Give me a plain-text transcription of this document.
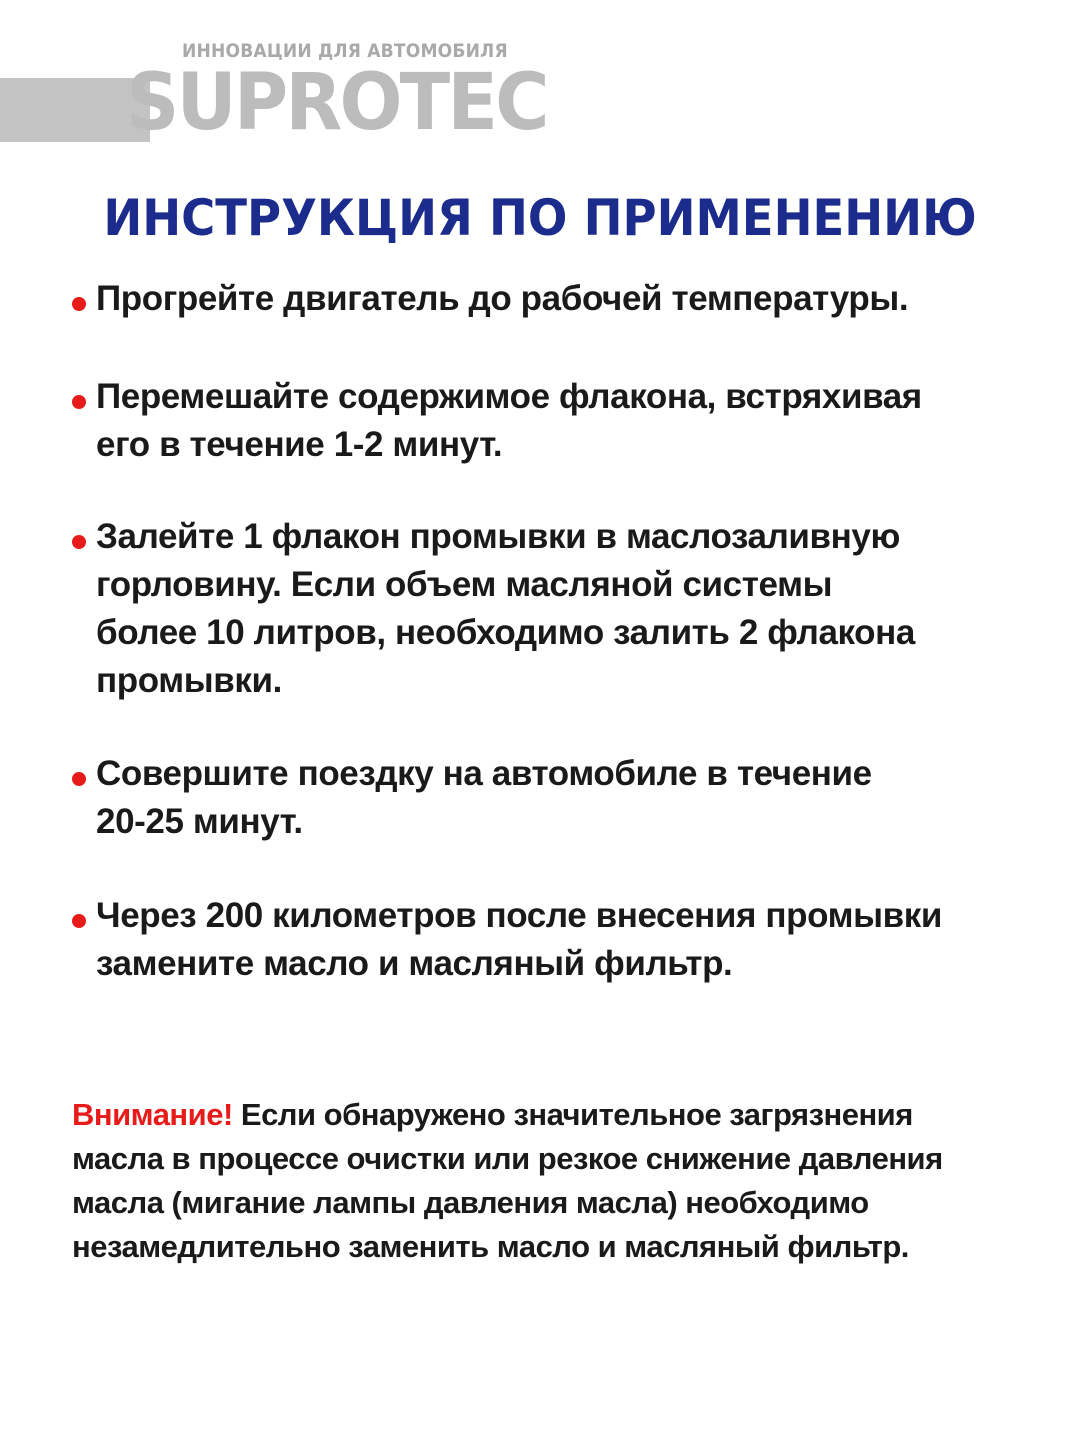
ИННОВАЦИИ ДЛЯ АВТОМОБИЛЯ
SUPROTEC
ИНСТРУКЦИЯ ПО ПРИМЕНЕНИЮ
Прогрейте двигатель до рабочей температуры.
Перемешайте содержимое флакона, встряхивая
его в течение 1-2 минут.
Залейте 1 флакон промывки в маслозаливную
горловину. Если объем масляной системы
более 10 литров, необходимо залить 2 флакона
промывки.
Совершите поездку на автомобиле в течение
20-25 минут.
Через 200 километров после внесения промывки
замените масло и масляный фильтр.

Внимание! Если обнаружено значительное загрязнения
масла в процессе очистки или резкое снижение давления
масла (мигание лампы давления масла) необходимо
незамедлительно заменить масло и масляный фильтр.
